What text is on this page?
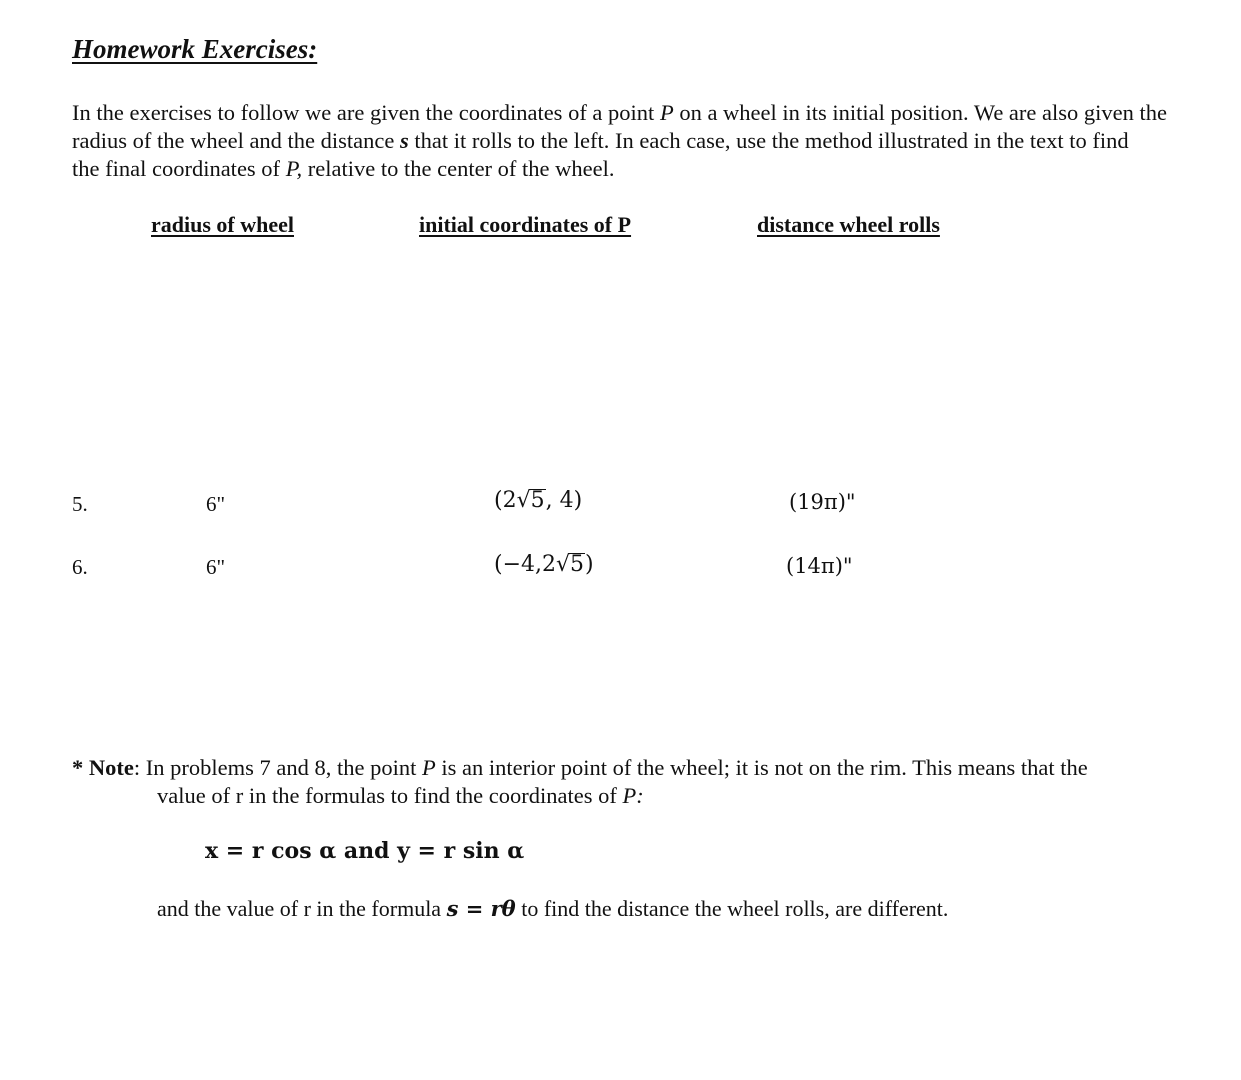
Homework Exercises:
In the exercises to follow we are given the coordinates of a point P on a wheel in its initial position. We are also given the
radius of the wheel and the distance s that it rolls to the left. In each case, use the method illustrated in the text to find
the final coordinates of P, relative to the center of the wheel.
radius of wheel	initial coordinates of P	distance wheel rolls
5.	6"	(2√5, 4)	(19π)"
6.	6"	(−4,2√5)	(14π)"
* Note: In problems 7 and 8, the point P is an interior point of the wheel; it is not on the rim. This means that the
value of r in the formulas to find the coordinates of P:
x = r cos α and y = r sin α
and the value of r in the formula s = rθ to find the distance the wheel rolls, are different.
